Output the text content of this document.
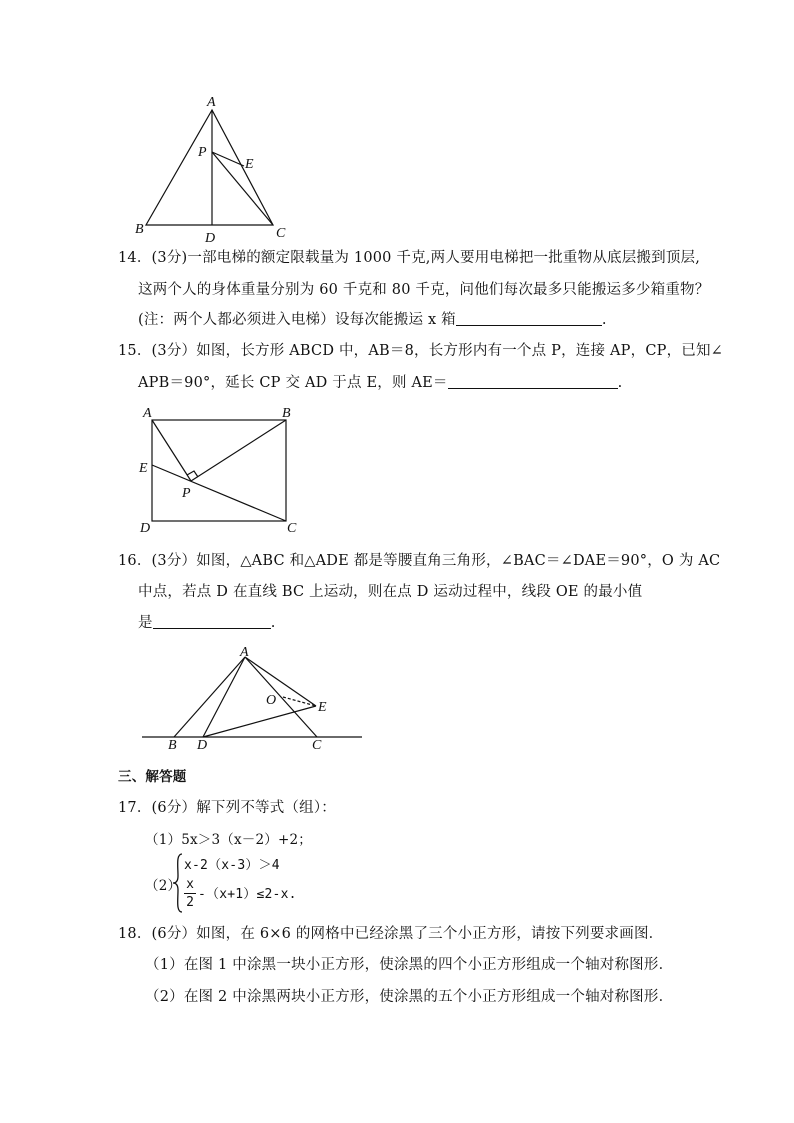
A
B	C
D
P
E
14．(3分)一部电梯的额定限载量为 1000 千克,两人要用电梯把一批重物从底层搬到顶层,
这两个人的身体重量分别为 60 千克和 80 千克，问他们每次最多只能搬运多少箱重物？
(注：两个人都必须进入电梯）设每次能搬运 x 箱	.
15．(3分）如图，长方形 ABCD 中，AB＝8，长方形内有一个点 P，连接 AP，CP，已知∠
APB＝90°，延长 CP 交 AD 于点 E，则 AE＝	.
A	B
C
D
E
P
16．(3分）如图，△ABC 和△ADE 都是等腰直角三角形，∠BAC＝∠DAE＝90°，O 为 AC
中点，若点 D 在直线 BC 上运动，则在点 D 运动过程中，线段 OE 的最小值
是	.
A
B D	C
E
O
三、解答题
17．(6分）解下列不等式（组）：
（1）5x＞3（x－2）+2；
（2）
x-2（x-3）＞4
x
2
-（x+1）≤2-x.
18．(6分）如图，在 6×6 的网格中已经涂黑了三个小正方形，请按下列要求画图．
（1）在图 1 中涂黑一块小正方形，使涂黑的四个小正方形组成一个轴对称图形．
（2）在图 2 中涂黑两块小正方形，使涂黑的五个小正方形组成一个轴对称图形．
